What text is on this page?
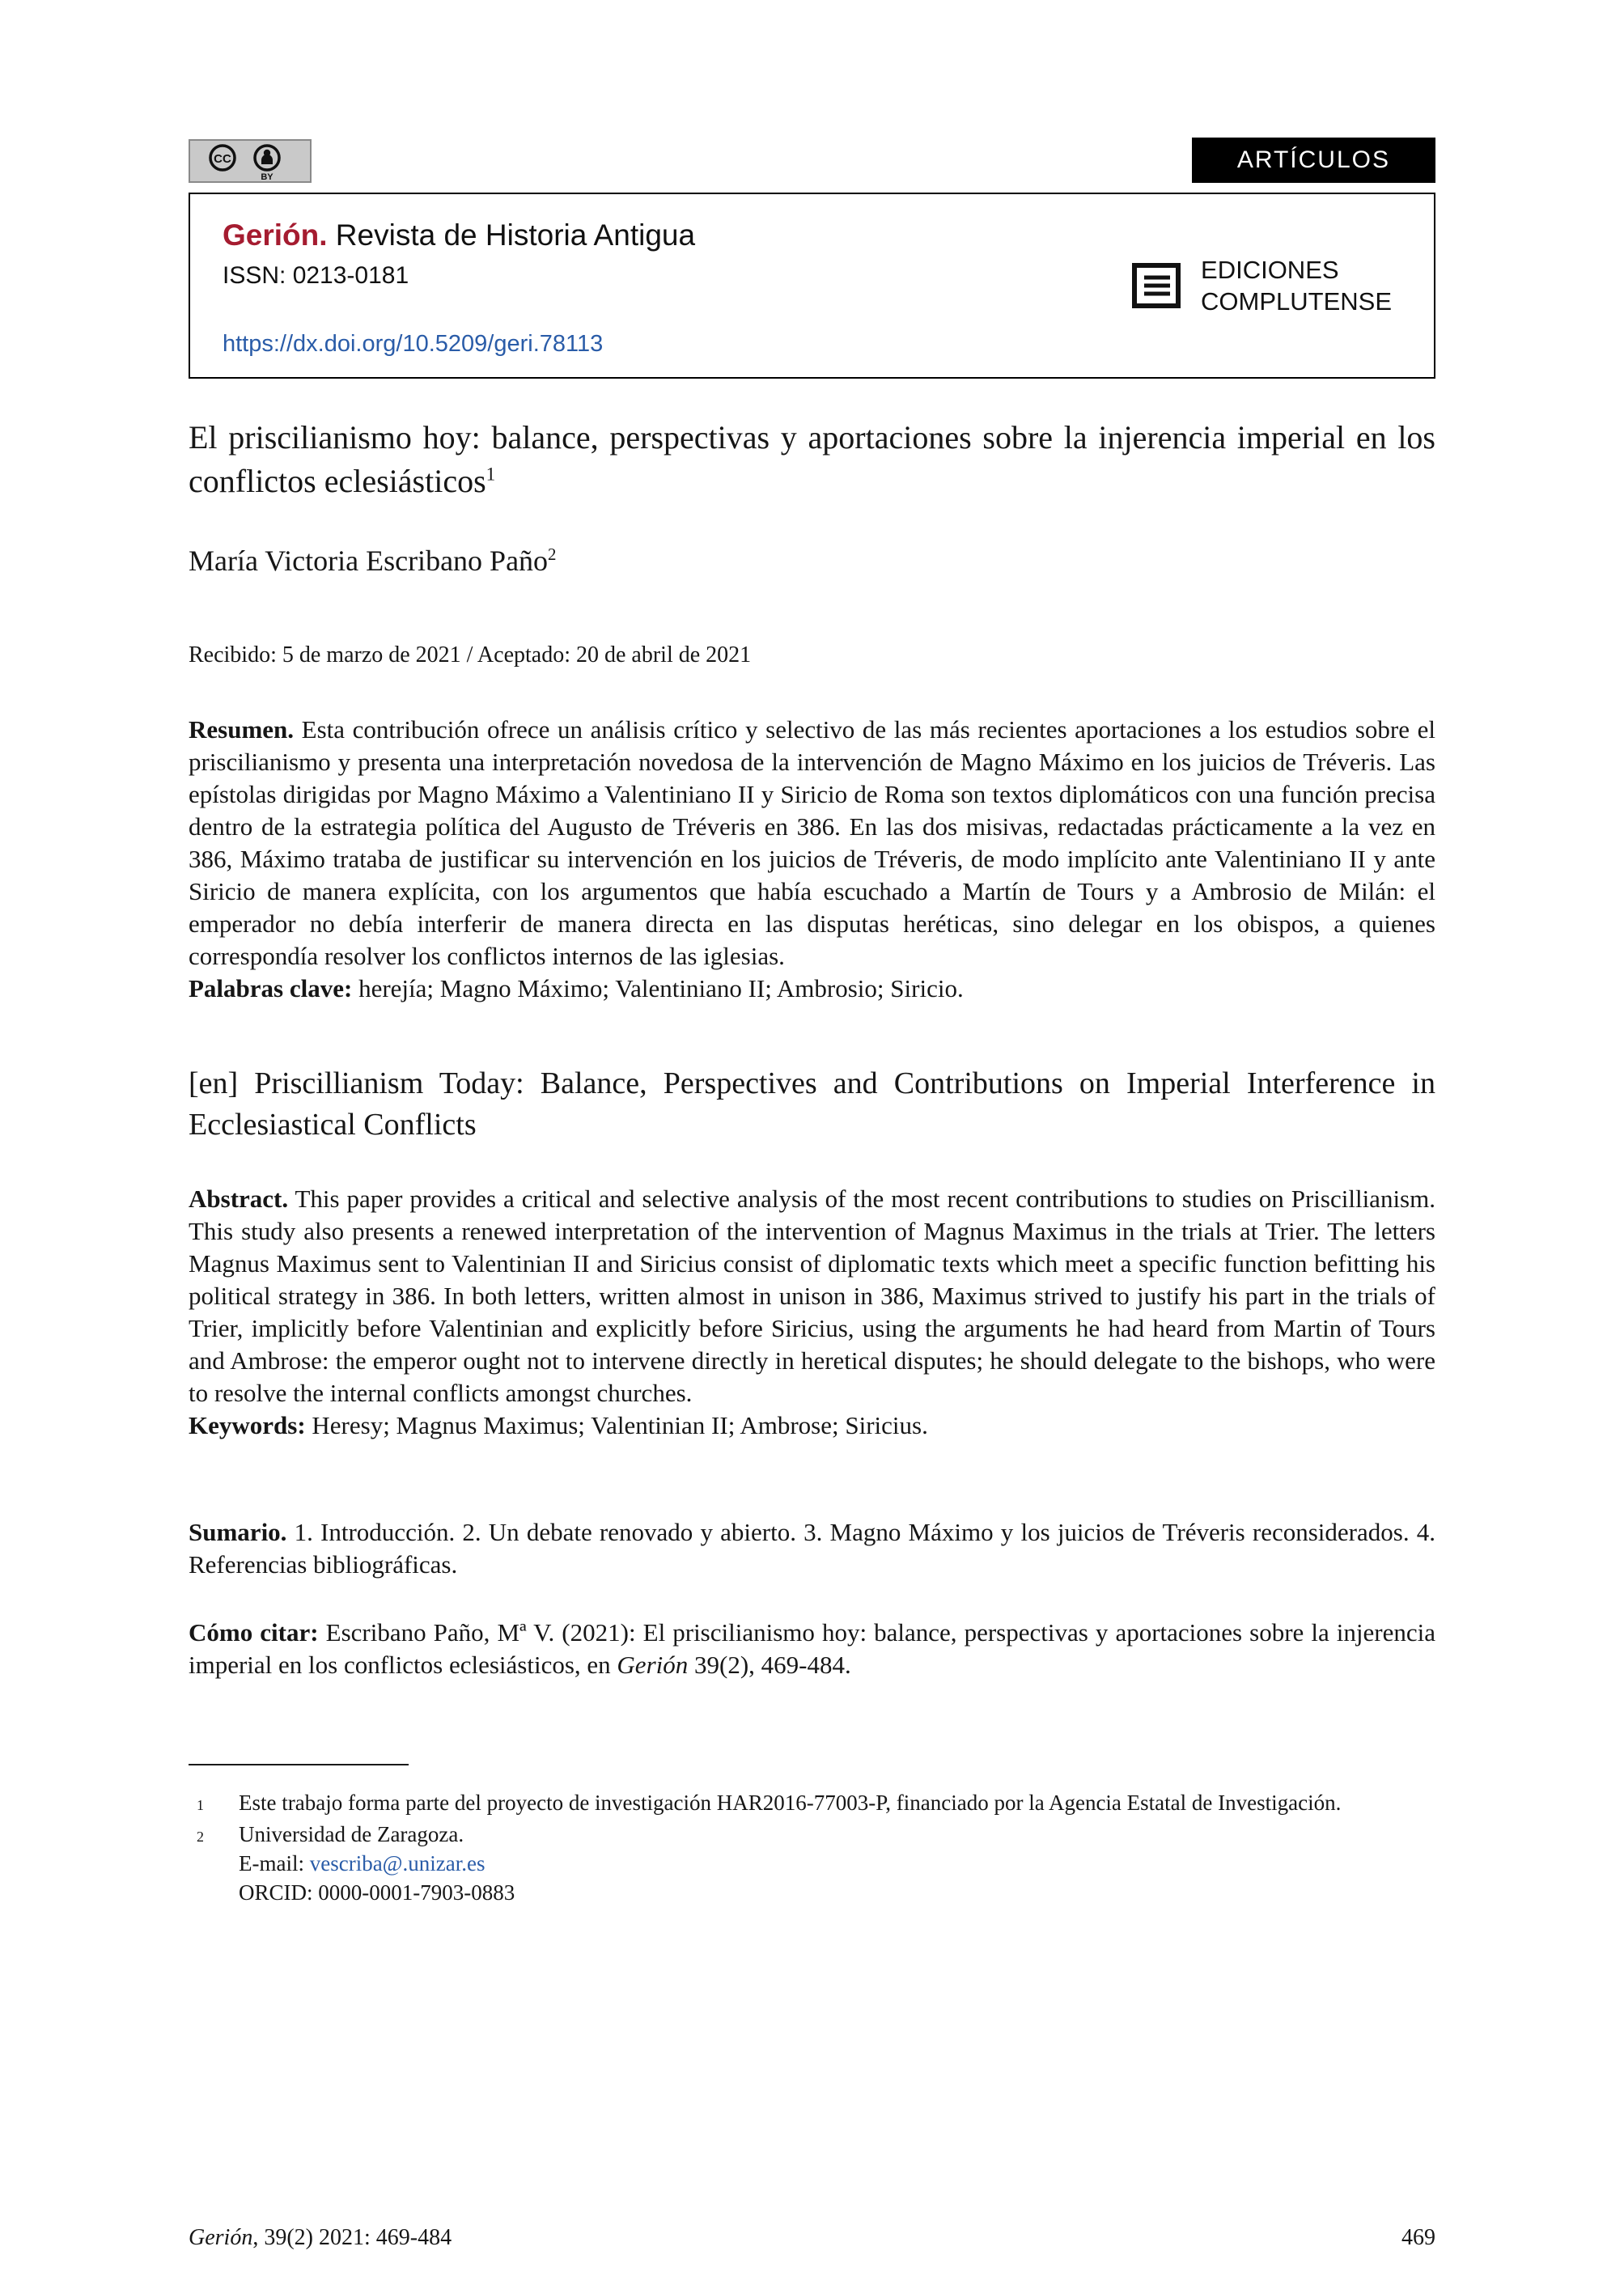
CC
BY
ARTÍCULOS
Gerión. Revista de Historia Antigua
ISSN: 0213-0181
https://dx.doi.org/10.5209/geri.78113
EDICIONES
COMPLUTENSE
El priscilianismo hoy: balance, perspectivas y aportaciones sobre la injerencia imperial en los conflictos eclesiásticos$^1$
María Victoria Escribano Paño$^2$
Recibido: 5 de marzo de 2021 / Aceptado: 20 de abril de 2021

Resumen. Esta contribución ofrece un análisis crítico y selectivo de las más recientes aportaciones a los estudios sobre el priscilianismo y presenta una interpretación novedosa de la intervención de Magno Máximo en los juicios de Tréveris. Las epístolas dirigidas por Magno Máximo a Valentiniano II y Siricio de Roma son textos diplomáticos con una función precisa dentro de la estrategia política del Augusto de Tréveris en 386. En las dos misivas, redactadas prácticamente a la vez en 386, Máximo trataba de justificar su intervención en los juicios de Tréveris, de modo implícito ante Valentiniano II y ante Siricio de manera explícita, con los argumentos que había escuchado a Martín de Tours y a Ambrosio de Milán: el emperador no debía interferir de manera directa en las disputas heréticas, sino delegar en los obispos, a quienes correspondía resolver los conflictos internos de las iglesias.

Palabras clave: herejía; Magno Máximo; Valentiniano II; Ambrosio; Siricio.
[en] Priscillianism Today: Balance, Perspectives and Contributions on Imperial Interference in Ecclesiastical Conflicts

Abstract. This paper provides a critical and selective analysis of the most recent contributions to studies on Priscillianism. This study also presents a renewed interpretation of the intervention of Magnus Maximus in the trials at Trier. The letters Magnus Maximus sent to Valentinian II and Siricius consist of diplomatic texts which meet a specific function befitting his political strategy in 386. In both letters, written almost in unison in 386, Maximus strived to justify his part in the trials of Trier, implicitly before Valentinian and explicitly before Siricius, using the arguments he had heard from Martin of Tours and Ambrose: the emperor ought not to intervene directly in heretical disputes; he should delegate to the bishops, who were to resolve the internal conflicts amongst churches.

Keywords: Heresy; Magnus Maximus; Valentinian II; Ambrose; Siricius.
Sumario. 1. Introducción. 2. Un debate renovado y abierto. 3. Magno Máximo y los juicios de Tréveris reconsiderados. 4. Referencias bibliográficas.
Cómo citar: Escribano Paño, Mª V. (2021): El priscilianismo hoy: balance, perspectivas y aportaciones sobre la injerencia imperial en los conflictos eclesiásticos, en Gerión 39(2), 469-484.
1	Este trabajo forma parte del proyecto de investigación HAR2016-77003-P, financiado por la Agencia Estatal de Investigación.
2	Universidad de Zaragoza.
E-mail: vescriba@.unizar.es
ORCID: 0000-0001-7903-0883
Gerión, 39(2) 2021: 469-484	469
